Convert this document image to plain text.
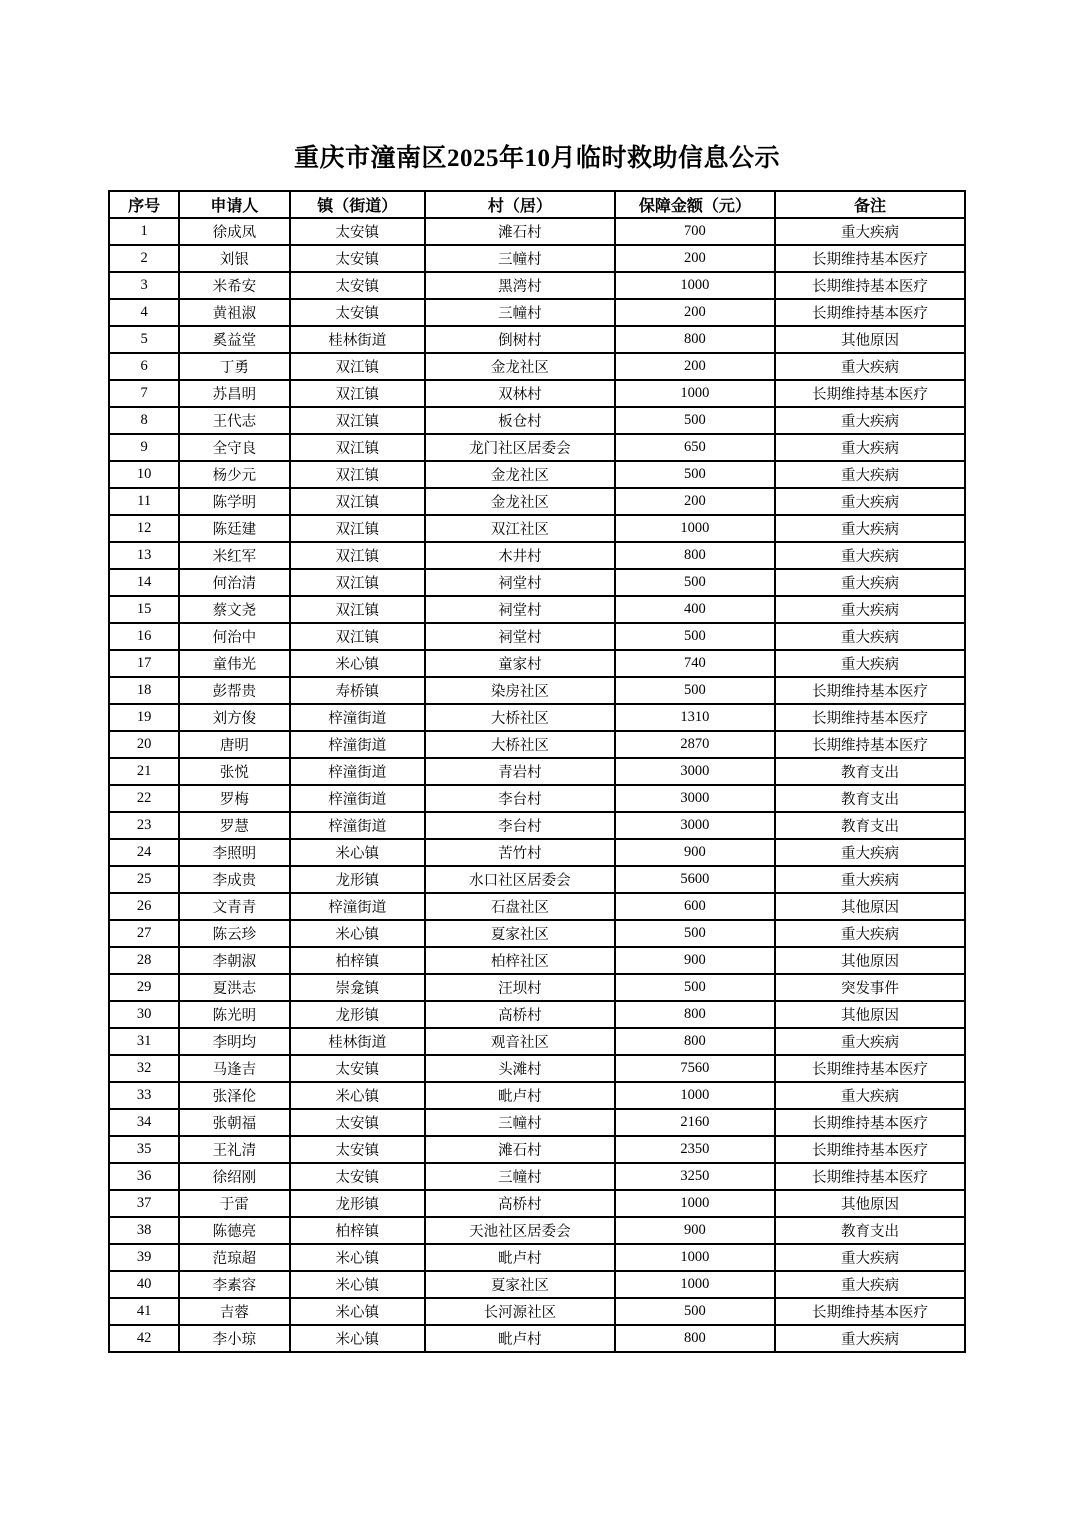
重庆市潼南区2025年10月临时救助信息公示
序号	申请人	镇（街道）	村（居）	保障金额（元）	备注
1	徐成凤	太安镇	滩石村	700	重大疾病
2	刘银	太安镇	三幢村	200	长期维持基本医疗
3	米希安	太安镇	黑湾村	1000	长期维持基本医疗
4	黄祖淑	太安镇	三幢村	200	长期维持基本医疗
5	奚益堂	桂林街道	倒树村	800	其他原因
6	丁勇	双江镇	金龙社区	200	重大疾病
7	苏昌明	双江镇	双林村	1000	长期维持基本医疗
8	王代志	双江镇	板仓村	500	重大疾病
9	全守良	双江镇	龙门社区居委会	650	重大疾病
10	杨少元	双江镇	金龙社区	500	重大疾病
11	陈学明	双江镇	金龙社区	200	重大疾病
12	陈廷建	双江镇	双江社区	1000	重大疾病
13	米红军	双江镇	木井村	800	重大疾病
14	何治清	双江镇	祠堂村	500	重大疾病
15	蔡文尧	双江镇	祠堂村	400	重大疾病
16	何治中	双江镇	祠堂村	500	重大疾病
17	童伟光	米心镇	童家村	740	重大疾病
18	彭帮贵	寿桥镇	染房社区	500	长期维持基本医疗
19	刘方俊	梓潼街道	大桥社区	1310	长期维持基本医疗
20	唐明	梓潼街道	大桥社区	2870	长期维持基本医疗
21	张悦	梓潼街道	青岩村	3000	教育支出
22	罗梅	梓潼街道	李台村	3000	教育支出
23	罗慧	梓潼街道	李台村	3000	教育支出
24	李照明	米心镇	苦竹村	900	重大疾病
25	李成贵	龙形镇	水口社区居委会	5600	重大疾病
26	文青青	梓潼街道	石盘社区	600	其他原因
27	陈云珍	米心镇	夏家社区	500	重大疾病
28	李朝淑	柏梓镇	柏梓社区	900	其他原因
29	夏洪志	崇龛镇	汪坝村	500	突发事件
30	陈光明	龙形镇	高桥村	800	其他原因
31	李明均	桂林街道	观音社区	800	重大疾病
32	马逢吉	太安镇	头滩村	7560	长期维持基本医疗
33	张泽伦	米心镇	毗卢村	1000	重大疾病
34	张朝福	太安镇	三幢村	2160	长期维持基本医疗
35	王礼清	太安镇	滩石村	2350	长期维持基本医疗
36	徐绍刚	太安镇	三幢村	3250	长期维持基本医疗
37	于雷	龙形镇	高桥村	1000	其他原因
38	陈德亮	柏梓镇	天池社区居委会	900	教育支出
39	范琼超	米心镇	毗卢村	1000	重大疾病
40	李素容	米心镇	夏家社区	1000	重大疾病
41	吉蓉	米心镇	长河源社区	500	长期维持基本医疗
42	李小琼	米心镇	毗卢村	800	重大疾病
